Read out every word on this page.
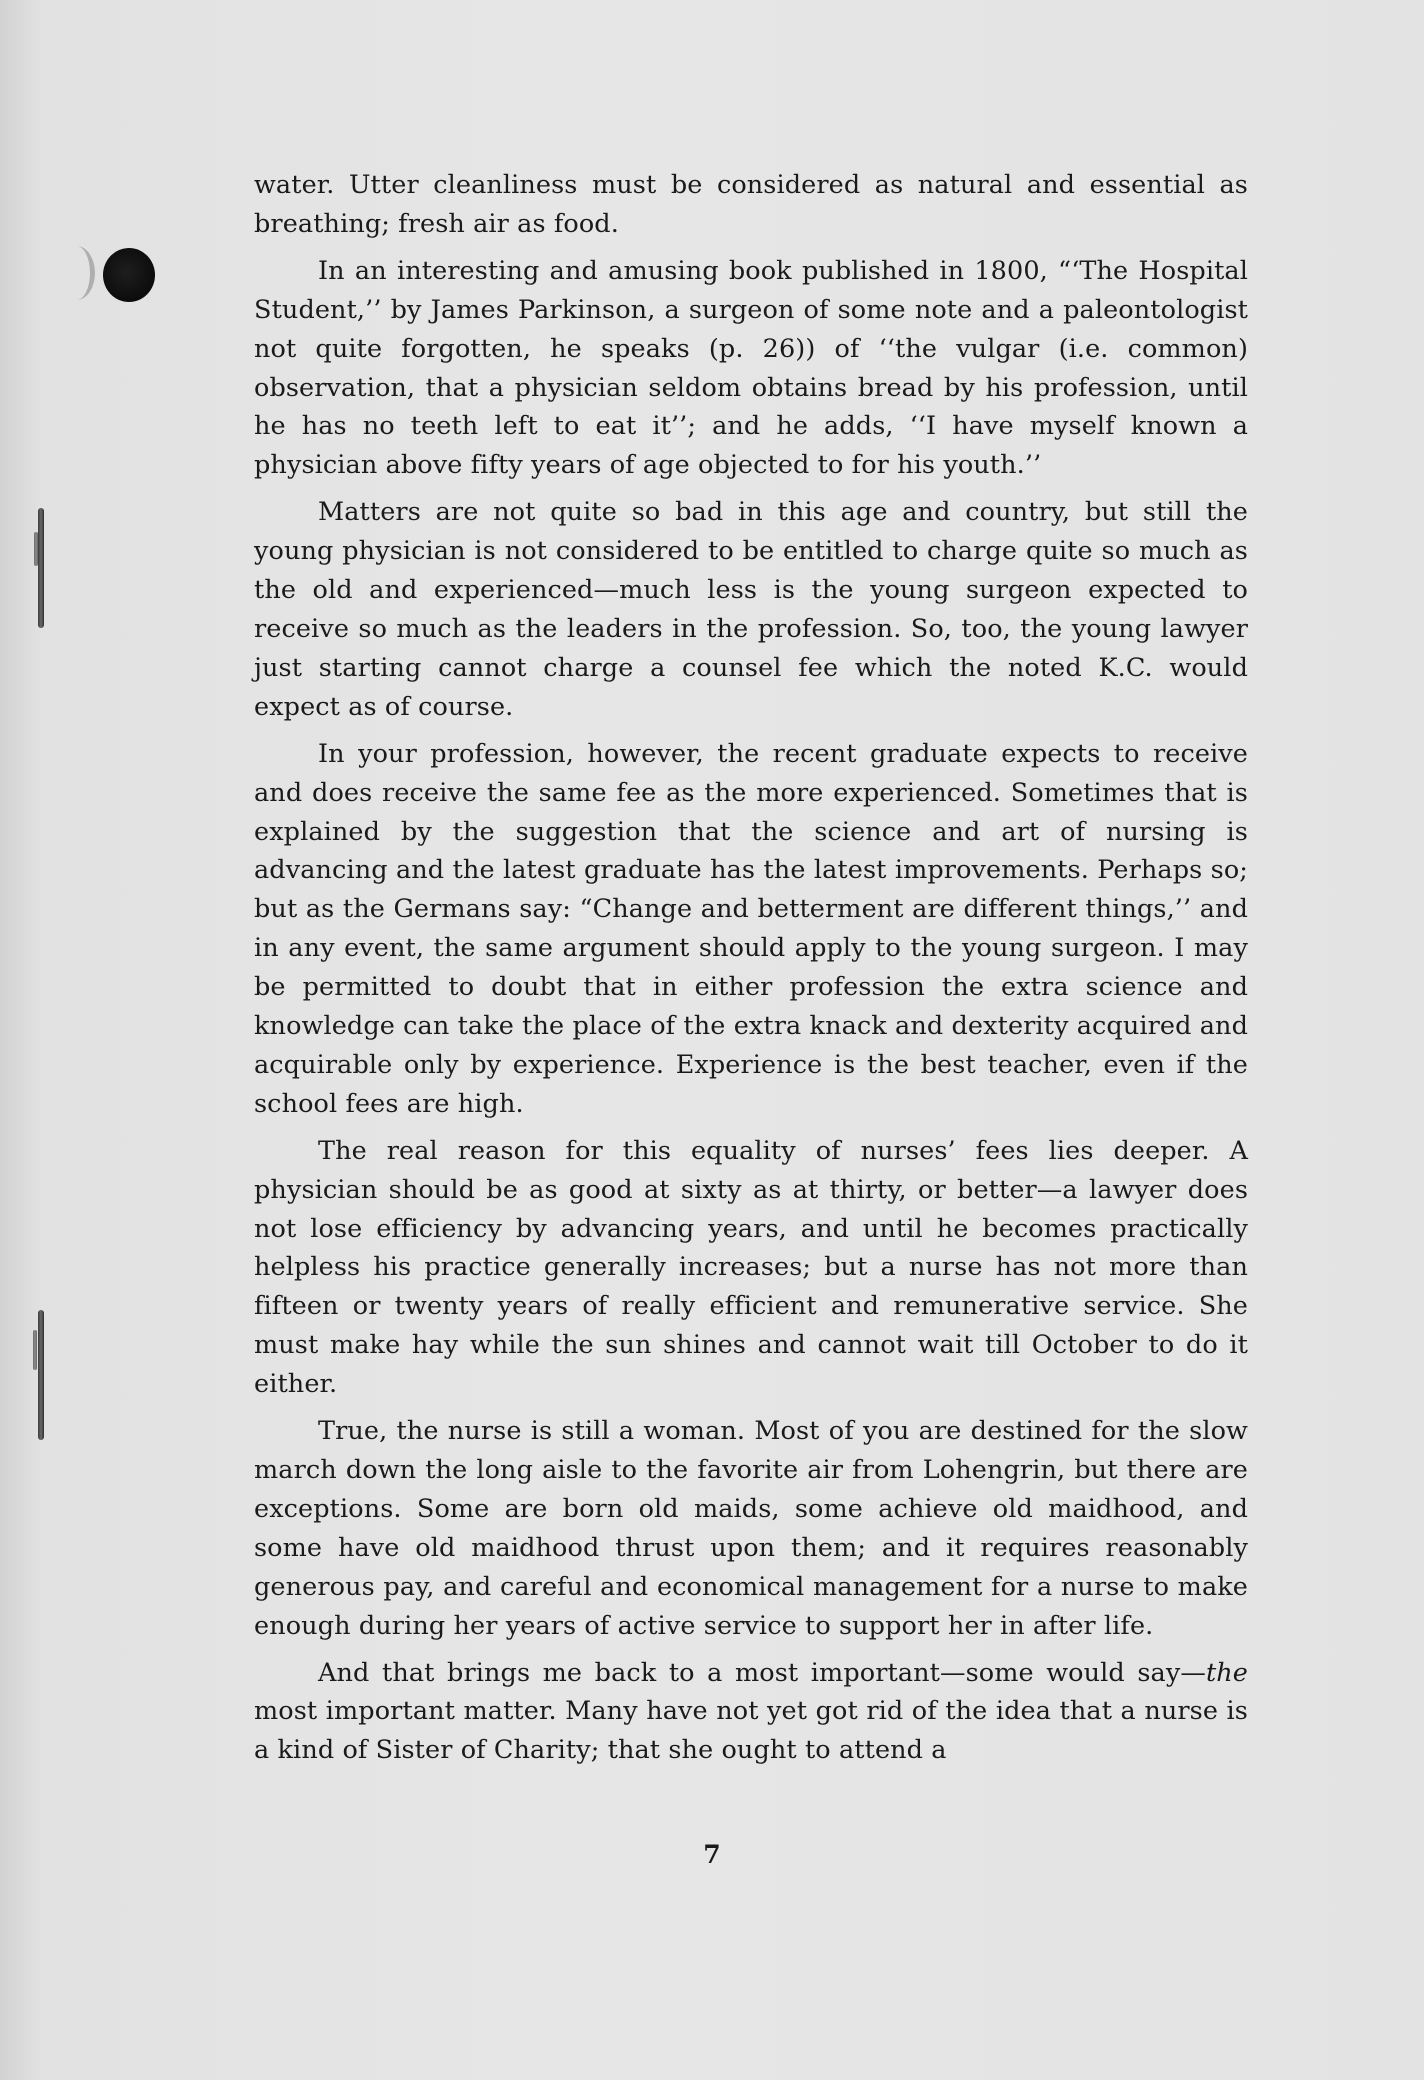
water. Utter cleanliness must be considered as natural and essential as breathing; fresh air as food.

In an interesting and amusing book published in 1800, “‘The Hospital Student,’’ by James Parkinson, a surgeon of some note and a paleontologist not quite forgotten, he speaks (p. 26)) of ‘‘the vulgar (i.e. common) observation, that a physician seldom obtains bread by his profession, until he has no teeth left to eat it’’; and he adds, ‘‘I have myself known a physician above fifty years of age objected to for his youth.’’

Matters are not quite so bad in this age and country, but still the young physician is not considered to be entitled to charge quite so much as the old and experienced—much less is the young surgeon expected to receive so much as the leaders in the profession. So, too, the young lawyer just starting cannot charge a counsel fee which the noted K.C. would expect as of course.

In your profession, however, the recent graduate expects to receive and does receive the same fee as the more experienced. Sometimes that is explained by the suggestion that the science and art of nursing is advancing and the latest graduate has the latest improvements. Perhaps so; but as the Germans say: “Change and betterment are different things,’’ and in any event, the same argument should apply to the young surgeon. I may be permitted to doubt that in either profession the extra science and knowledge can take the place of the extra knack and dexterity acquired and acquirable only by experience. Experience is the best teacher, even if the school fees are high.

The real reason for this equality of nurses’ fees lies deeper. A physician should be as good at sixty as at thirty, or better—a lawyer does not lose efficiency by advancing years, and until he becomes practically helpless his practice generally increases; but a nurse has not more than fifteen or twenty years of really efficient and remunerative service. She must make hay while the sun shines and cannot wait till October to do it either.

True, the nurse is still a woman. Most of you are destined for the slow march down the long aisle to the favorite air from Lohengrin, but there are exceptions. Some are born old maids, some achieve old maidhood, and some have old maidhood thrust upon them; and it requires reasonably generous pay, and careful and economical management for a nurse to make enough during her years of active service to support her in after life.

And that brings me back to a most important—some would say—the most important matter. Many have not yet got rid of the idea that a nurse is a kind of Sister of Charity; that she ought to attend a

7
